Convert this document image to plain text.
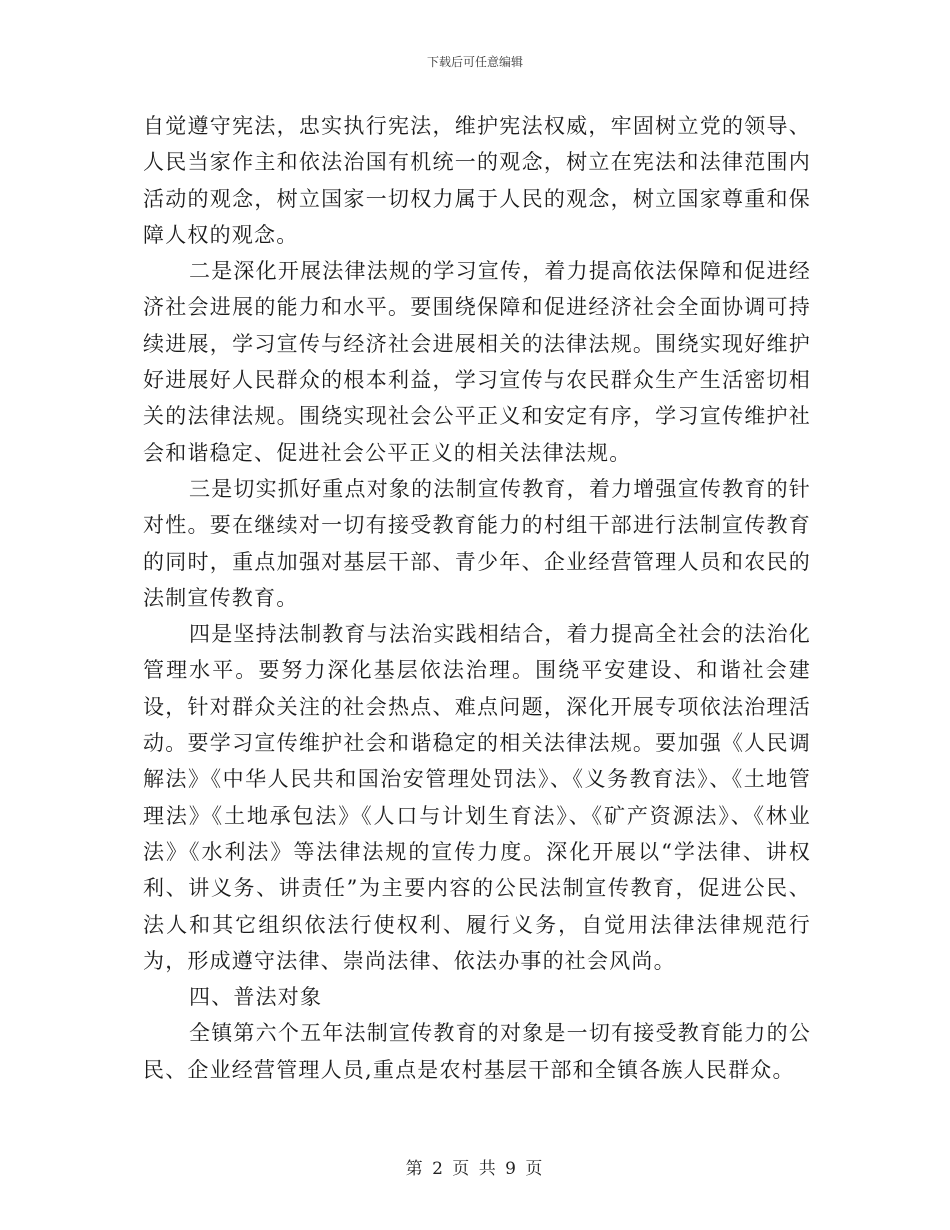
下载后可任意编辑

自觉遵守宪法，忠实执行宪法，维护宪法权威，牢固树立党的领导、人民当家作主和依法治国有机统一的观念，树立在宪法和法律范围内活动的观念，树立国家一切权力属于人民的观念，树立国家尊重和保障人权的观念。

二是深化开展法律法规的学习宣传，着力提高依法保障和促进经济社会进展的能力和水平。要围绕保障和促进经济社会全面协调可持续进展，学习宣传与经济社会进展相关的法律法规。围绕实现好维护好进展好人民群众的根本利益，学习宣传与农民群众生产生活密切相关的法律法规。围绕实现社会公平正义和安定有序，学习宣传维护社会和谐稳定、促进社会公平正义的相关法律法规。

三是切实抓好重点对象的法制宣传教育，着力增强宣传教育的针对性。要在继续对一切有接受教育能力的村组干部进行法制宣传教育的同时，重点加强对基层干部、青少年、企业经营管理人员和农民的法制宣传教育。

四是坚持法制教育与法治实践相结合，着力提高全社会的法治化管理水平。要努力深化基层依法治理。围绕平安建设、和谐社会建设，针对群众关注的社会热点、难点问题，深化开展专项依法治理活动。要学习宣传维护社会和谐稳定的相关法律法规。要加强《人民调解法》《中华人民共和国治安管理处罚法》、《义务教育法》、《土地管理法》《土地承包法》《人口与计划生育法》、《矿产资源法》、《林业法》《水利法》等法律法规的宣传力度。深化开展以“学法律、讲权利、讲义务、讲责任”为主要内容的公民法制宣传教育，促进公民、法人和其它组织依法行使权利、履行义务，自觉用法律法律规范行为，形成遵守法律、崇尚法律、依法办事的社会风尚。

四、普法对象

全镇第六个五年法制宣传教育的对象是一切有接受教育能力的公民、企业经营管理人员,重点是农村基层干部和全镇各族人民群众。

第 2 页 共 9 页
